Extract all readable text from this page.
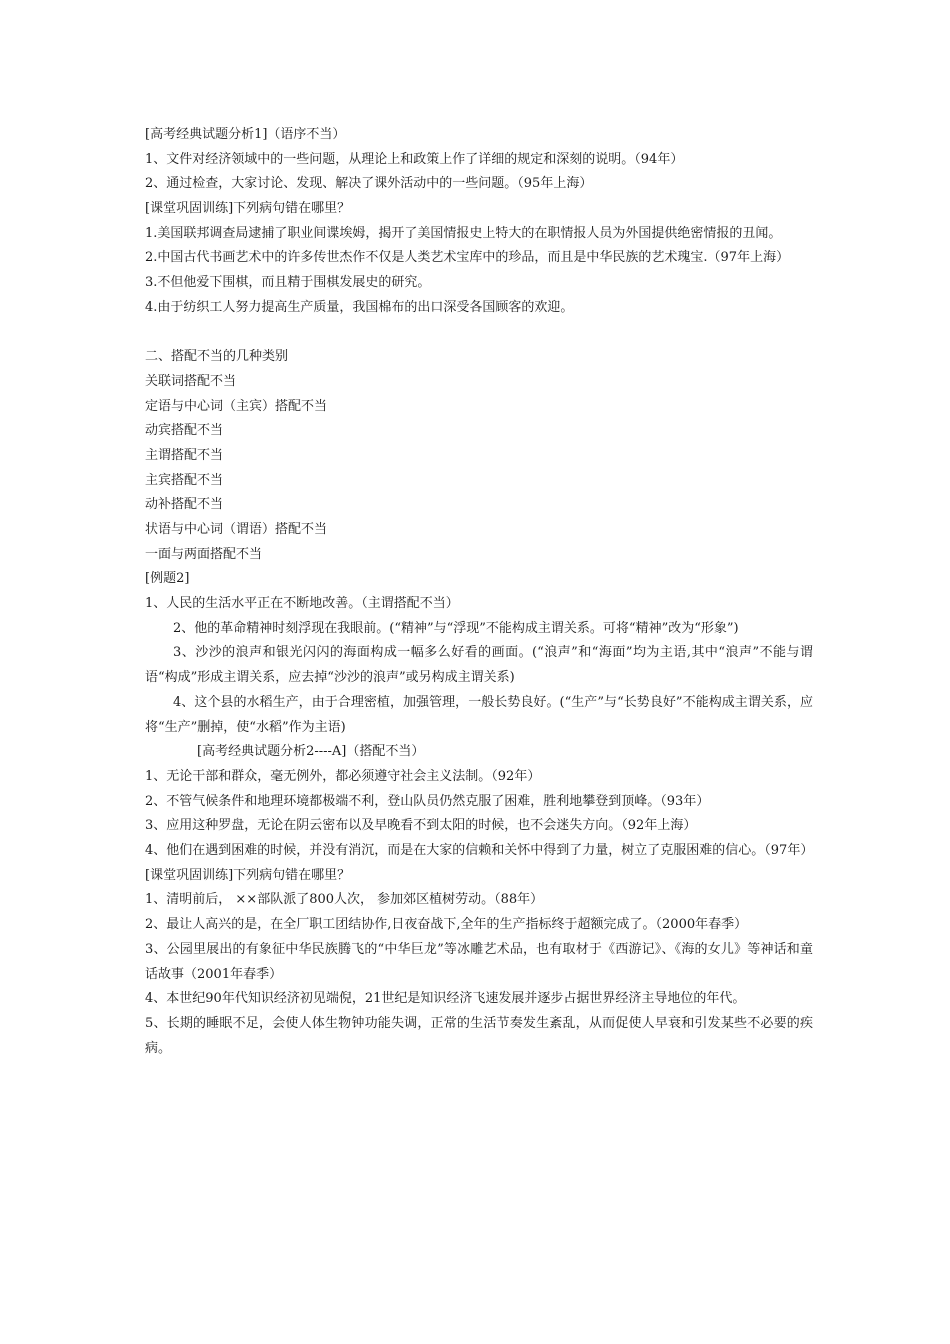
[高考经典试题分析1]（语序不当）
1、文件对经济领域中的一些问题，从理论上和政策上作了详细的规定和深刻的说明。（94年）
2、通过检查，大家讨论、发现、解决了课外活动中的一些问题。（95年上海）
[课堂巩固训练]下列病句错在哪里？
1.美国联邦调查局逮捕了职业间谍埃姆，揭开了美国情报史上特大的在职情报人员为外国提供绝密情报的丑闻。
2.中国古代书画艺术中的许多传世杰作不仅是人类艺术宝库中的珍品，而且是中华民族的艺术瑰宝.（97年上海）
3.不但他爱下围棋，而且精于围棋发展史的研究。
4.由于纺织工人努力提高生产质量，我国棉布的出口深受各国顾客的欢迎。
二、搭配不当的几种类别
关联词搭配不当
定语与中心词（主宾）搭配不当
动宾搭配不当
主谓搭配不当
主宾搭配不当
动补搭配不当
状语与中心词（谓语）搭配不当
一面与两面搭配不当
[例题2]
1、人民的生活水平正在不断地改善。（主谓搭配不当）
2、他的革命精神时刻浮现在我眼前。(“精神”与“浮现”不能构成主谓关系。可将“精神”改为“形象”)
3、沙沙的浪声和银光闪闪的海面构成一幅多么好看的画面。(“浪声”和“海面”均为主语,其中“浪声”不能与谓语“构成”形成主谓关系，应去掉“沙沙的浪声”或另构成主谓关系)
4、这个县的水稻生产，由于合理密植，加强管理，一般长势良好。(“生产”与“长势良好”不能构成主谓关系，应将“生产”删掉，使“水稻”作为主语)
[高考经典试题分析2----A]（搭配不当）
1、无论干部和群众，毫无例外，都必须遵守社会主义法制。（92年）
2、不管气候条件和地理环境都极端不利，登山队员仍然克服了困难，胜利地攀登到顶峰。（93年）
3、应用这种罗盘，无论在阴云密布以及早晚看不到太阳的时候，也不会迷失方向。（92年上海）
4、他们在遇到困难的时候，并没有消沉，而是在大家的信赖和关怀中得到了力量，树立了克服困难的信心。（97年）
[课堂巩固训练]下列病句错在哪里？
1、清明前后， ××部队派了800人次， 参加郊区植树劳动。（88年）
2、最让人高兴的是，在全厂职工团结协作,日夜奋战下,全年的生产指标终于超额完成了。（2000年春季）
3、公园里展出的有象征中华民族腾飞的“中华巨龙”等冰雕艺术品，也有取材于《西游记》、《海的女儿》等神话和童话故事（2001年春季）
4、本世纪90年代知识经济初见端倪，21世纪是知识经济飞速发展并逐步占据世界经济主导地位的年代。
5、长期的睡眠不足，会使人体生物钟功能失调，正常的生活节奏发生紊乱，从而促使人早衰和引发某些不必要的疾病。
